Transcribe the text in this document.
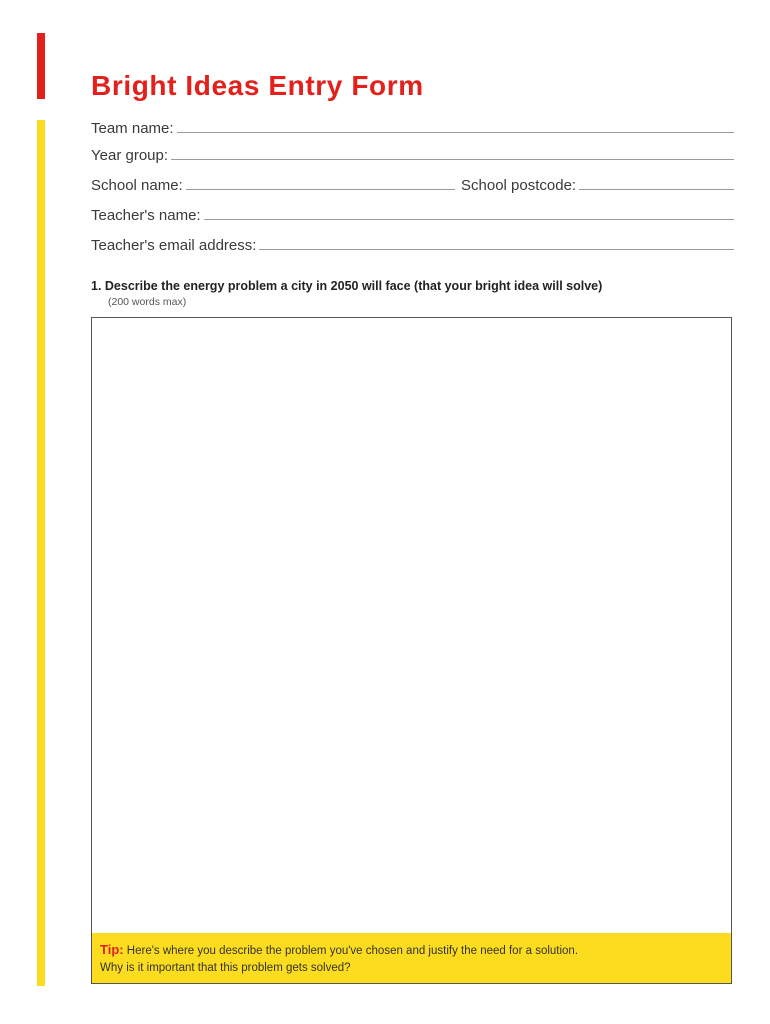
Bright Ideas Entry Form
Team name:
Year group:
School name:	School postcode:
Teacher's name:
Teacher's email address:

1. Describe the energy problem a city in 2050 will face (that your bright idea will solve)

(200 words max)

Tip: Here's where you describe the problem you've chosen and justify the need for a solution.
Why is it important that this problem gets solved?
